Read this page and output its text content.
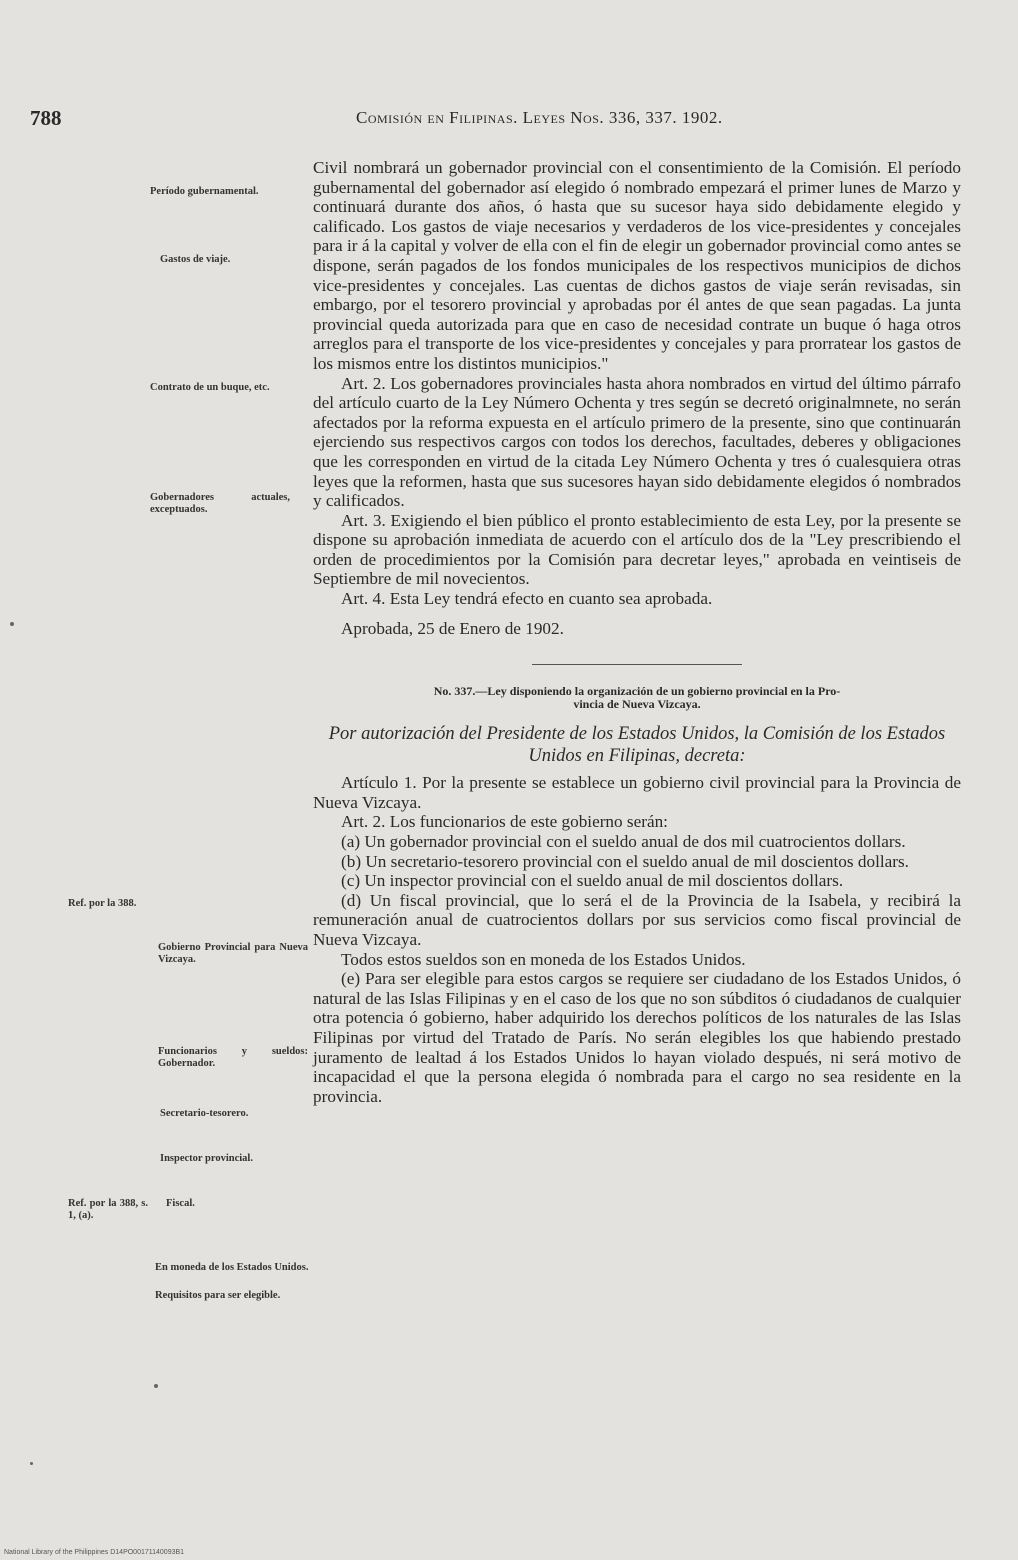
788	Comisión en Filipinas. Leyes Nos. 336, 337. 1902.
Período gubernamental.
Gastos de viaje.
Contrato de un buque, etc.
Gobernadores actuales, exceptuados.
Ref. por la 388.
Gobierno Provincial para Nueva Vizcaya.
Funcionarios y sueldos: Gobernador.
Secretario-tesorero.
Inspector provincial.
Ref. por la 388, s. 1, (a).
Fiscal.
En moneda de los Estados Unidos.
Requisitos para ser elegible.

Civil nombrará un gobernador provincial con el consentimiento de la Comisión. El período gubernamental del gobernador así elegido ó nombrado empezará el primer lunes de Marzo y continuará durante dos años, ó hasta que su sucesor haya sido debidamente elegido y calificado. Los gastos de viaje necesarios y verdaderos de los vice-presidentes y concejales para ir á la capital y volver de ella con el fin de elegir un gobernador provincial como antes se dispone, serán pagados de los fondos municipales de los respectivos municipios de dichos vice-presidentes y concejales. Las cuentas de dichos gastos de viaje serán revisadas, sin embargo, por el tesorero provincial y aprobadas por él antes de que sean pagadas. La junta provincial queda autorizada para que en caso de necesidad contrate un buque ó haga otros arreglos para el transporte de los vice-presidentes y concejales y para prorratear los gastos de los mismos entre los distintos municipios."

Art. 2. Los gobernadores provinciales hasta ahora nombrados en virtud del último párrafo del artículo cuarto de la Ley Número Ochenta y tres según se decretó originalmnete, no serán afectados por la reforma expuesta en el artículo primero de la presente, sino que continuarán ejerciendo sus respectivos cargos con todos los derechos, facultades, deberes y obligaciones que les corresponden en virtud de la citada Ley Número Ochenta y tres ó cualesquiera otras leyes que la reformen, hasta que sus sucesores hayan sido debidamente elegidos ó nombrados y calificados.

Art. 3. Exigiendo el bien público el pronto establecimiento de esta Ley, por la presente se dispone su aprobación inmediata de acuerdo con el artículo dos de la "Ley prescribiendo el orden de procedimientos por la Comisión para decretar leyes," aprobada en veintiseis de Septiembre de mil novecientos.

Art. 4. Esta Ley tendrá efecto en cuanto sea aprobada.

Aprobada, 25 de Enero de 1902.

No. 337.—Ley disponiendo la organización de un gobierno provincial en la Pro-
vincia de Nueva Vizcaya.

Por autorización del Presidente de los Estados Unidos, la Comisión de los Estados Unidos en Filipinas, decreta:

Artículo 1. Por la presente se establece un gobierno civil provincial para la Provincia de Nueva Vizcaya.

Art. 2. Los funcionarios de este gobierno serán:

(a) Un gobernador provincial con el sueldo anual de dos mil cuatrocientos dollars.

(b) Un secretario-tesorero provincial con el sueldo anual de mil doscientos dollars.

(c) Un inspector provincial con el sueldo anual de mil doscientos dollars.

(d) Un fiscal provincial, que lo será el de la Provincia de la Isabela, y recibirá la remuneración anual de cuatrocientos dollars por sus servicios como fiscal provincial de Nueva Vizcaya.

Todos estos sueldos son en moneda de los Estados Unidos.

(e) Para ser elegible para estos cargos se requiere ser ciudadano de los Estados Unidos, ó natural de las Islas Filipinas y en el caso de los que no son súbditos ó ciudadanos de cualquier otra potencia ó gobierno, haber adquirido los derechos políticos de los naturales de las Islas Filipinas por virtud del Tratado de París. No serán elegibles los que habiendo prestado juramento de lealtad á los Estados Unidos lo hayan violado después, ni será motivo de incapacidad el que la persona elegida ó nombrada para el cargo no sea residente en la provincia.

National Library of the Philippines D14PO00171140093B1
